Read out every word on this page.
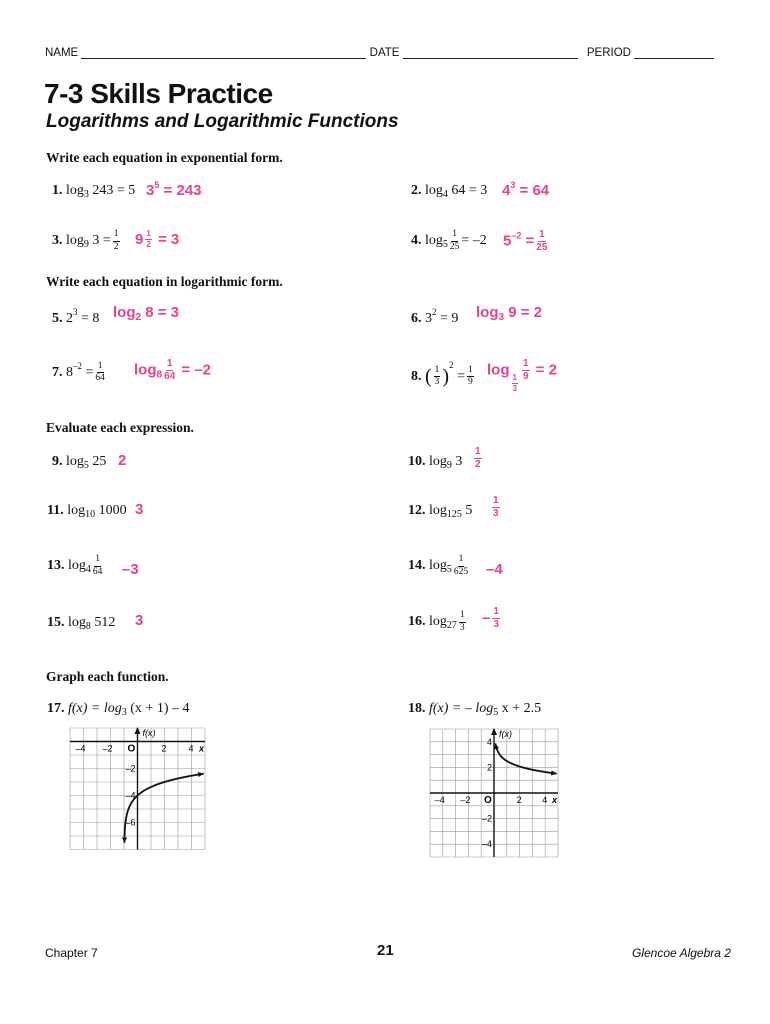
NAME	DATE	PERIOD
7-3 Skills Practice
Logarithms and Logarithmic Functions
Write each equation in exponential form.
1. $\log_3 243 = 5$ $3^5 = 243$	2. $\log_4 64 = 3$ $4^3 = 64$
3. $\log_9 3 = \frac{1}{2} 9 \frac{1}{2} = 3$	4. $\log_5 \frac{1}{25} = -2$ $5^{-2} = \frac{1}{25}$
Write each equation in logarithmic form.
5. $2^3 = 8$ $\log_2 8 = 3$	6. $3^2 = 9$ $\log_3 9 = 2$
7. $8^{-2} = \frac{1}{64} \log_8 \frac{1}{64} = -2$	8. ( $\frac{1}{3} )^2 = \frac{1}{9}$ log
$\frac{1}{3}$
$\frac{1}{9} = 2$
Evaluate each expression.
9. $\log_5 25$ 2	10. $\log_9 3 \frac{1}{2}$
11. $\log_{10} 1000$ 3	12. $\log_{125} 5 \frac{1}{3}$
13. $\log_4 \frac{1}{64} -3$	14. $\log_5 \frac{1}{625} -4$
15. $\log_8 512$ 3	16. $\log_{27} \frac{1}{3} - \frac{1}{3}$
Graph each function.
17. $f(x) = \log_3 (x + 1) - 4$	18. f(x) = – $\log_5 x + 2.5$
f(x)
x
O
–4 –2	2 4
–2
–4
–6
f(x)
x
O
–4 –2	2 4
4
2
–2
–4
Chapter 7	21	Glencoe Algebra 2
